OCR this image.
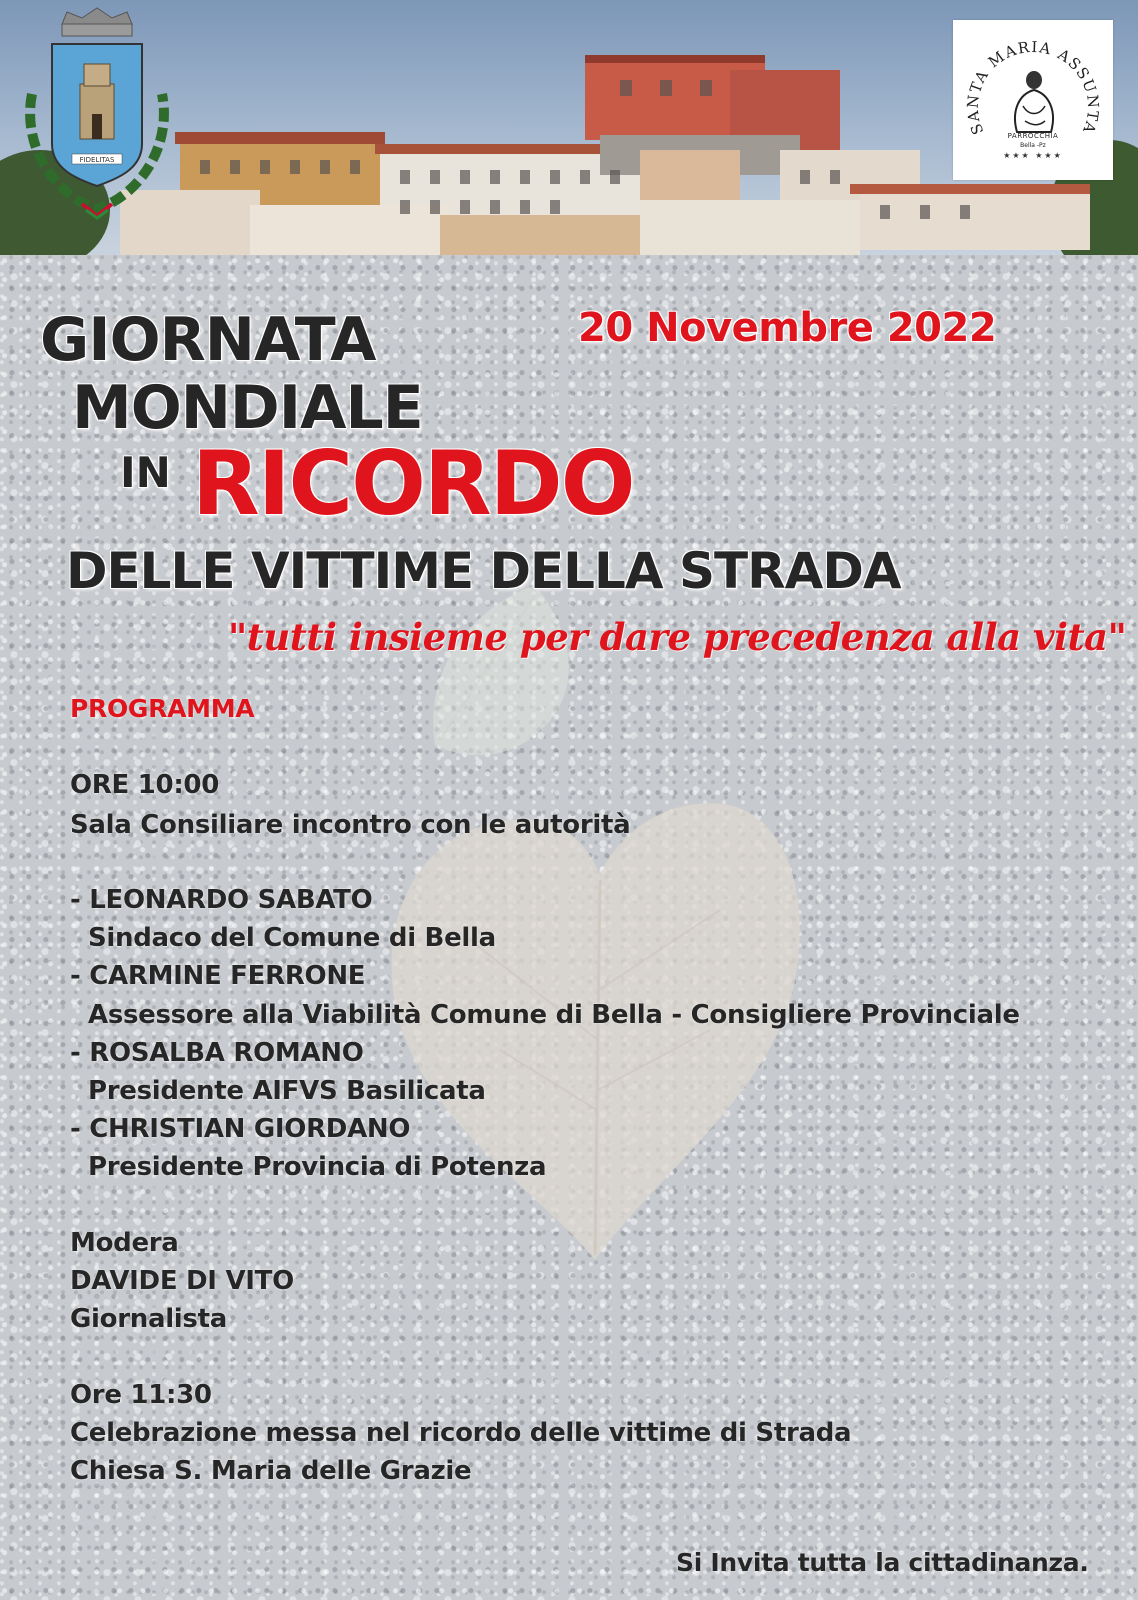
FIDELITAS
SANTA MARIA ASSUNTA
PARROCCHIA
Bella -Pz
★★★ ★★★
GIORNATA
MONDIALE
IN RICORDO
DELLE VITTIME DELLA STRADA
20 Novembre 2022
"tutti insieme per dare precedenza alla vita"
PROGRAMMA
ORE 10:00
Sala Consiliare incontro con le autorità
- LEONARDO SABATO
Sindaco del Comune di Bella
- CARMINE FERRONE
Assessore alla Viabilità Comune di Bella - Consigliere Provinciale
- ROSALBA ROMANO
Presidente AIFVS Basilicata
- CHRISTIAN GIORDANO
Presidente Provincia di Potenza
Modera
DAVIDE DI VITO
Giornalista
Ore 11:30
Celebrazione messa nel ricordo delle vittime di Strada
Chiesa S. Maria delle Grazie
Si Invita tutta la cittadinanza.
